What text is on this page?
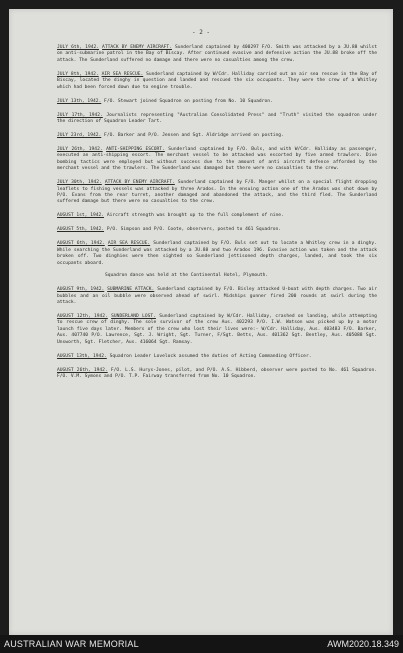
- 2 -

JULY 6th, 1942. ATTACK BY ENEMY AIRCRAFT. Sunderland captained by 400297 F/O. Smith was attacked by a JU.88 whilst on anti-submarine patrol in the Bay of Biscay. After continued evasive and defensive action the JU.88 broke off the attack. The Sunderland suffered no damage and there were no casualties among the crew.

JULY 8th, 1942. AIR SEA RESCUE. Sunderland captained by W/Cdr. Halliday carried out an air sea rescue in the Bay of Biscay, located the dinghy in question and landed and rescued the six occupants. They were the crew of a Whitley which had been forced down due to engine trouble.

JULY 13th, 1942. F/O. Stewart joined Squadron on posting from No. 10 Squadron.

JULY 17th, 1942. Journalists representing "Australian Consolidated Press" and "Truth" visited the squadron under the direction of Squadron Leader Tart.

JULY 23rd, 1942. F/O. Barker and P/O. Jensen and Sgt. Aldridge arrived on posting.

JULY 26th, 1942. ANTI-SHIPPING ESCORT. Sunderland captained by F/O. Buls, and with W/Cdr. Halliday as passenger, executed an anti-shipping escort. The merchant vessel to be attacked was escorted by five armed trawlers. Dive bombing tactics were employed but without success due to the amount of anti aircraft defence afforded by the merchant vessel and the trawlers. The Sunderland was damaged but there were no casualties to the crew.

JULY 30th, 1942. ATTACK BY ENEMY AIRCRAFT. Sunderland captained by F/O. Manger whilst on a special flight dropping leaflets to fishing vessels was attacked by three Arados. In the ensuing action one of the Arados was shot down by P/O. Evans from the rear turret, another damaged and abandoned the attack, and the third fled. The Sunderland suffered damage but there were no casualties to the crew.

AUGUST 1st, 1942. Aircraft strength was brought up to the full complement of nine.

AUGUST 5th, 1942. P/O. Simpson and P/O. Coote, observers, posted to 461 Squadron.

AUGUST 6th, 1942. AIR SEA RESCUE. Sunderland captained by F/O. Buls set out to locate a Whitley crew in a dinghy. While searching the Sunderland was attacked by a JU.88 and two Arados 196. Evasive action was taken and the attack broken off. Two dinghies were then sighted so Sunderland jettisoned depth charges, landed, and took the six occupants aboard.
Squadron dance was held at the Continental Hotel, Plymouth.

AUGUST 9th, 1942. SUBMARINE ATTACK. Sunderland captained by F/O. Bisley attacked U-boat with depth charges. Two air bubbles and an oil bubble were observed ahead of swirl. Midships gunner fired 200 rounds at swirl during the attack.

AUGUST 12th, 1942. SUNDERLAND LOST. Sunderland captained by W/Cdr. Halliday, crashed on landing, while attempting to rescue crew of dinghy. The sole survivor of the crew Aus. 402293 P/O. I.W. Watson was picked up by a motor launch five days later. Members of the crew who lost their lives were:- W/Cdr. Halliday, Aus. 403483 F/O. Barker, Aus. 407740 P/O. Lawrence, Sgt. J. Wright, Sgt. Turner, F/Sgt. Betts, Aus. 401362 Sgt. Bentley, Aus. 405088 Sgt. Unsworth, Sgt. Fletcher, Aus. 416064 Sgt. Ramsay.

AUGUST 13th, 1942. Squadron Leader Lovelock assumed the duties of Acting Commanding Officer.

AUGUST 26th, 1942. F/O. L.S. Hurys-Jones, pilot, and P/O. A.S. Hibberd, observer were posted to No. 461 Squadron. F/O. V.M. Symons and P/O. T.P. Fairway transferred from No. 10 Squadron.

AUSTRALIAN WAR MEMORIAL	AWM2020.18.349
